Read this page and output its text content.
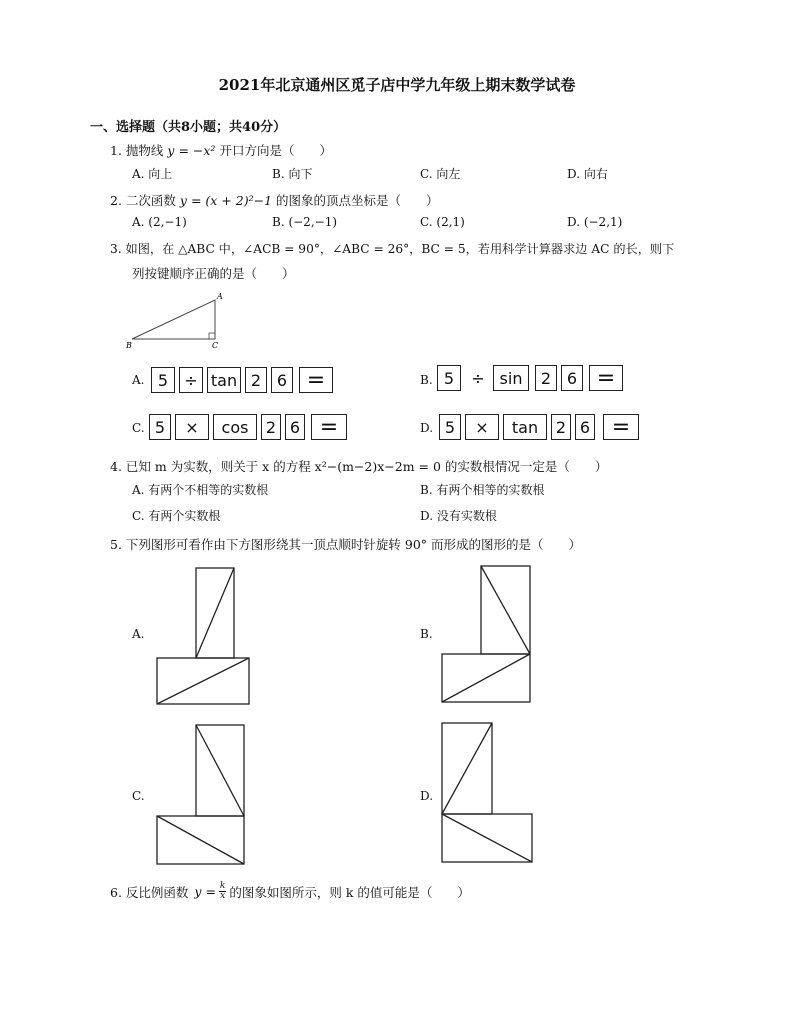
2021年北京通州区觅子店中学九年级上期末数学试卷
一、选择题（共8小题；共40分）
1. 抛物线 y = −x² 开口方向是（　　）
A. 向上	B. 向下	C. 向左	D. 向右
2. 二次函数 y = (x + 2)²−1 的图象的顶点坐标是（　　）
A. (2,−1)	B. (−2,−1)	C. (2,1)	D. (−2,1)
3. 如图，在 △ABC 中，∠ACB = 90°，∠ABC = 26°，BC = 5，若用科学计算器求边 AC 的长，则下
列按键顺序正确的是（　　）
A
B	C
A. 5	÷ tan 2 6 =	B. 5	÷ sin	2 6 =
C. 5	×	cos	2 6 =	D. 5	×	tan	2 6 =
4. 已知 m 为实数，则关于 x 的方程 x²−(m−2)x−2m = 0 的实数根情况一定是（　　）
A. 有两个不相等的实数根	B. 有两个相等的实数根
C. 有两个实数根	D. 没有实数根
5. 下列图形可看作由下方图形绕其一顶点顺时针旋转 90° 而形成的图形的是（　　）
A.	B.
C.	D.
6. 反比例函数 $y = \frac{k}{x}$ 的图象如图所示，则 k 的值可能是（　　）
